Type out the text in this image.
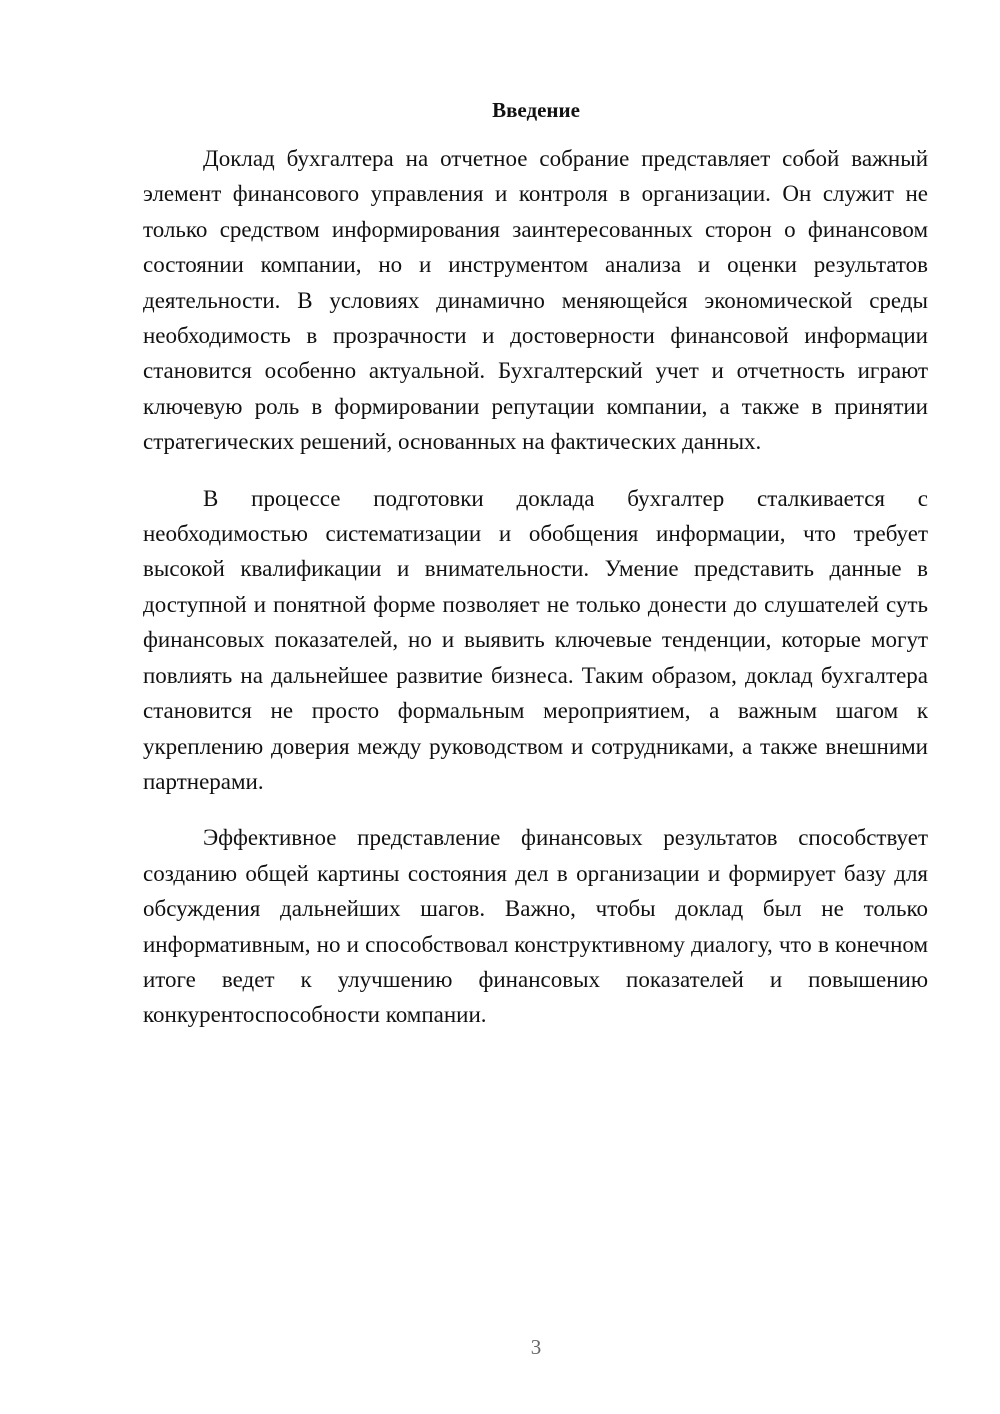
Введение

Доклад бухгалтера на отчетное собрание представляет собой важный элемент финансового управления и контроля в организации. Он служит не только средством информирования заинтересованных сторон о финансовом состоянии компании, но и инструментом анализа и оценки результатов деятельности. В условиях динамично меняющейся экономической среды необходимость в прозрачности и достоверности финансовой информации становится особенно актуальной. Бухгалтерский учет и отчетность играют ключевую роль в формировании репутации компании, а также в принятии стратегических решений, основанных на фактических данных.

В процессе подготовки доклада бухгалтер сталкивается с необходимостью систематизации и обобщения информации, что требует высокой квалификации и внимательности. Умение представить данные в доступной и понятной форме позволяет не только донести до слушателей суть финансовых показателей, но и выявить ключевые тенденции, которые могут повлиять на дальнейшее развитие бизнеса. Таким образом, доклад бухгалтера становится не просто формальным мероприятием, а важным шагом к укреплению доверия между руководством и сотрудниками, а также внешними партнерами.

Эффективное представление финансовых результатов способствует созданию общей картины состояния дел в организации и формирует базу для обсуждения дальнейших шагов. Важно, чтобы доклад был не только информативным, но и способствовал конструктивному диалогу, что в конечном итоге ведет к улучшению финансовых показателей и повышению конкурентоспособности компании.

3
